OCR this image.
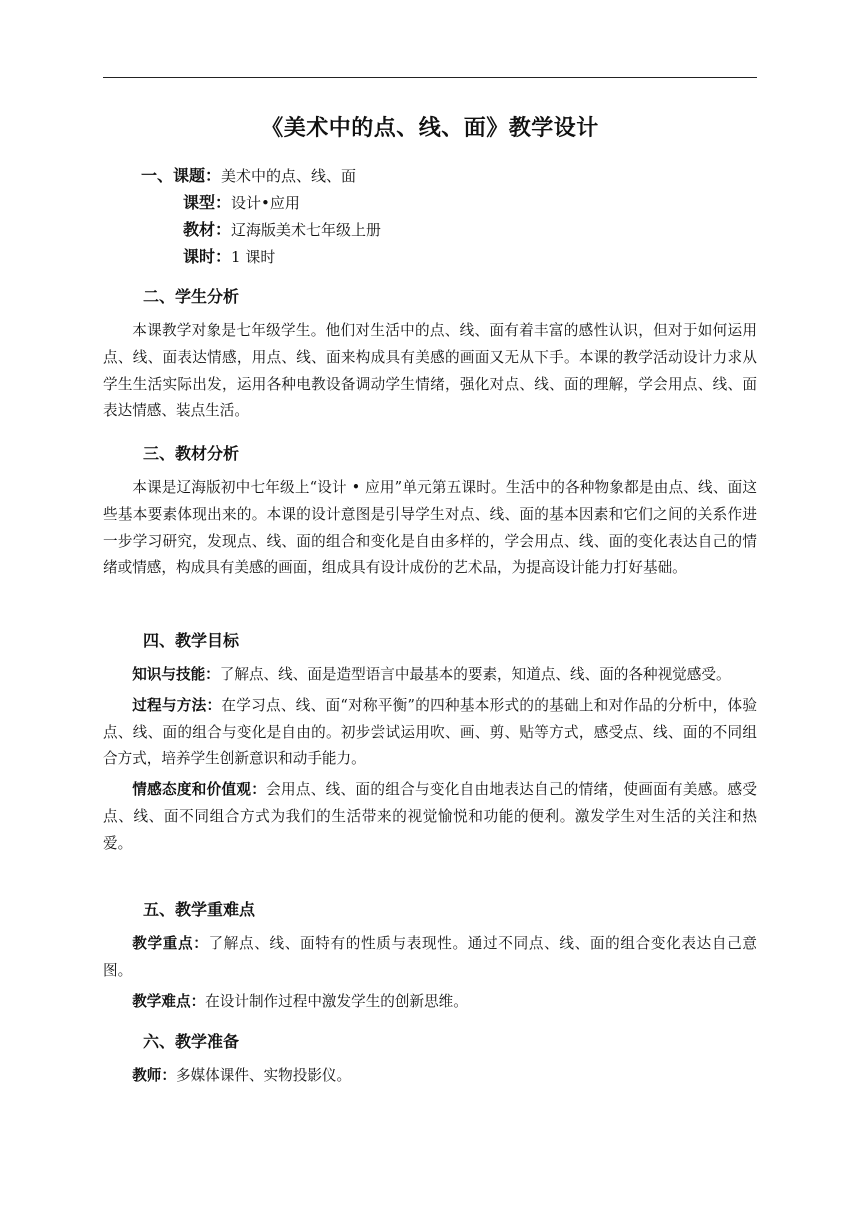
《美术中的点、线、面》教学设计
一、课题：美术中的点、线、面
课型：设计•应用
教材：辽海版美术七年级上册
课时：1 课时
二、学生分析

本课教学对象是七年级学生。他们对生活中的点、线、面有着丰富的感性认识，但对于如何运用点、线、面表达情感，用点、线、面来构成具有美感的画面又无从下手。本课的教学活动设计力求从学生生活实际出发，运用各种电教设备调动学生情绪，强化对点、线、面的理解，学会用点、线、面表达情感、装点生活。

三、教材分析

本课是辽海版初中七年级上“设计 • 应用”单元第五课时。生活中的各种物象都是由点、线、面这些基本要素体现出来的。本课的设计意图是引导学生对点、线、面的基本因素和它们之间的关系作进一步学习研究，发现点、线、面的组合和变化是自由多样的，学会用点、线、面的变化表达自己的情绪或情感，构成具有美感的画面，组成具有设计成份的艺术品，为提高设计能力打好基础。

四、教学目标

知识与技能：了解点、线、面是造型语言中最基本的要素，知道点、线、面的各种视觉感受。

过程与方法：在学习点、线、面“对称平衡”的四种基本形式的的基础上和对作品的分析中，体验点、线、面的组合与变化是自由的。初步尝试运用吹、画、剪、贴等方式，感受点、线、面的不同组合方式，培养学生创新意识和动手能力。

情感态度和价值观：会用点、线、面的组合与变化自由地表达自己的情绪，使画面有美感。感受点、线、面不同组合方式为我们的生活带来的视觉愉悦和功能的便利。激发学生对生活的关注和热爱。

五、教学重难点

教学重点：了解点、线、面特有的性质与表现性。通过不同点、线、面的组合变化表达自己意图。

教学难点：在设计制作过程中激发学生的创新思维。

六、教学准备

教师：多媒体课件、实物投影仪。
